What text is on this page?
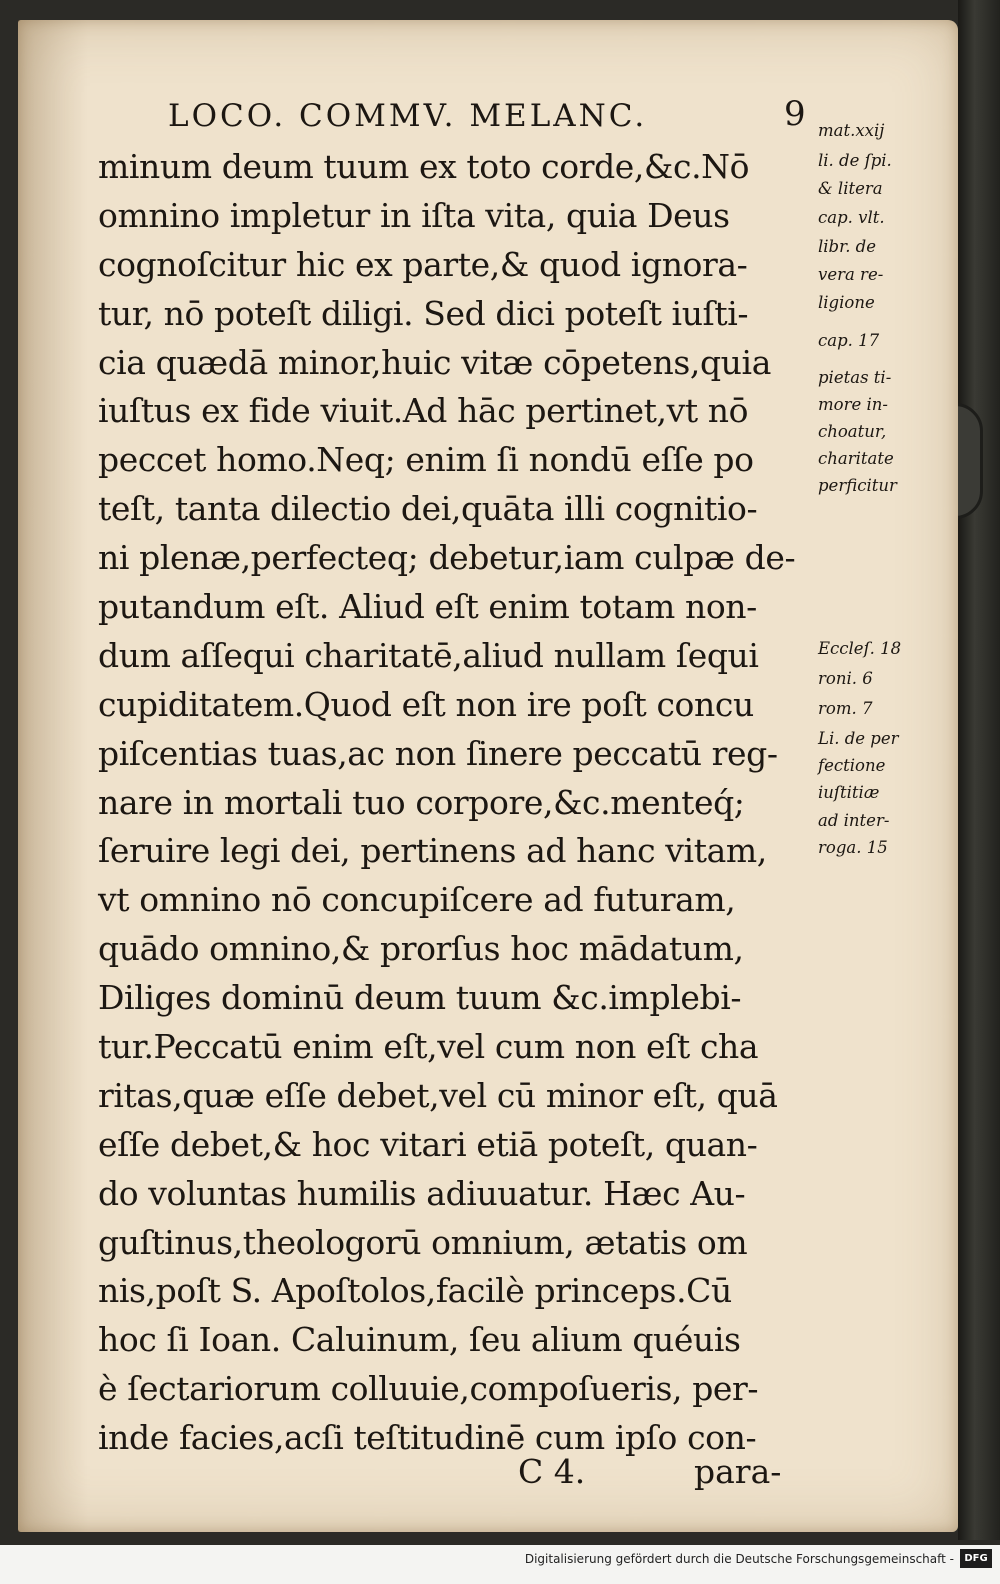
LOCO. COMMV. MELANC.	9
minum deum tuum ex toto corde,&c.Nō
omnino impletur in iſta vita, quia Deus
cognoſcitur hic ex parte,& quod ignora-
tur, nō poteſt diligi. Sed dici poteſt iuſti-
cia quædā minor,huic vitæ cōpetens,quia
iuſtus ex fide viuit.Ad hāc pertinet,vt nō
peccet homo.Neq; enim ſi nondū eſſe po
teſt, tanta dilectio dei,quāta illi cognitio-
ni plenæ,perfecteq; debetur,iam culpæ de-
putandum eſt. Aliud eſt enim totam non-
dum aſſequi charitatē,aliud nullam ſequi
cupiditatem.Quod eſt non ire poſt concu
piſcentias tuas,ac non ſinere peccatū reg-
nare in mortali tuo corpore,&c.menteq́;
ſeruire legi dei, pertinens ad hanc vitam,
vt omnino nō concupiſcere ad futuram,
quādo omnino,& prorſus hoc mādatum,
Diliges dominū deum tuum &c.implebi-
tur.Peccatū enim eſt,vel cum non eſt cha
ritas,quæ eſſe debet,vel cū minor eſt, quā
eſſe debet,& hoc vitari etiā poteſt, quan-
do voluntas humilis adiuuatur. Hæc Au-
guſtinus,theologorū omnium, ætatis om
nis,poſt S. Apoſtolos,facilè princeps.Cū
hoc ſi Ioan. Caluinum, ſeu alium quéuis
è ſectariorum colluuie,compoſueris, per-
inde facies,acſi teſtitudinē cum ipſo con-
mat.xxij
li. de ſpi.
& litera
cap. vlt.
libr. de
vera re-
ligione
cap. 17
pietas ti-
more in-
choatur,
charitate
perficitur
Eccleſ. 18
roni. 6
rom. 7
Li. de per
fectione
iuſtitiæ
ad inter-
roga. 15
C 4.	para-
Digitalisierung gefördert durch die Deutsche Forschungsgemeinschaft -	DFG
